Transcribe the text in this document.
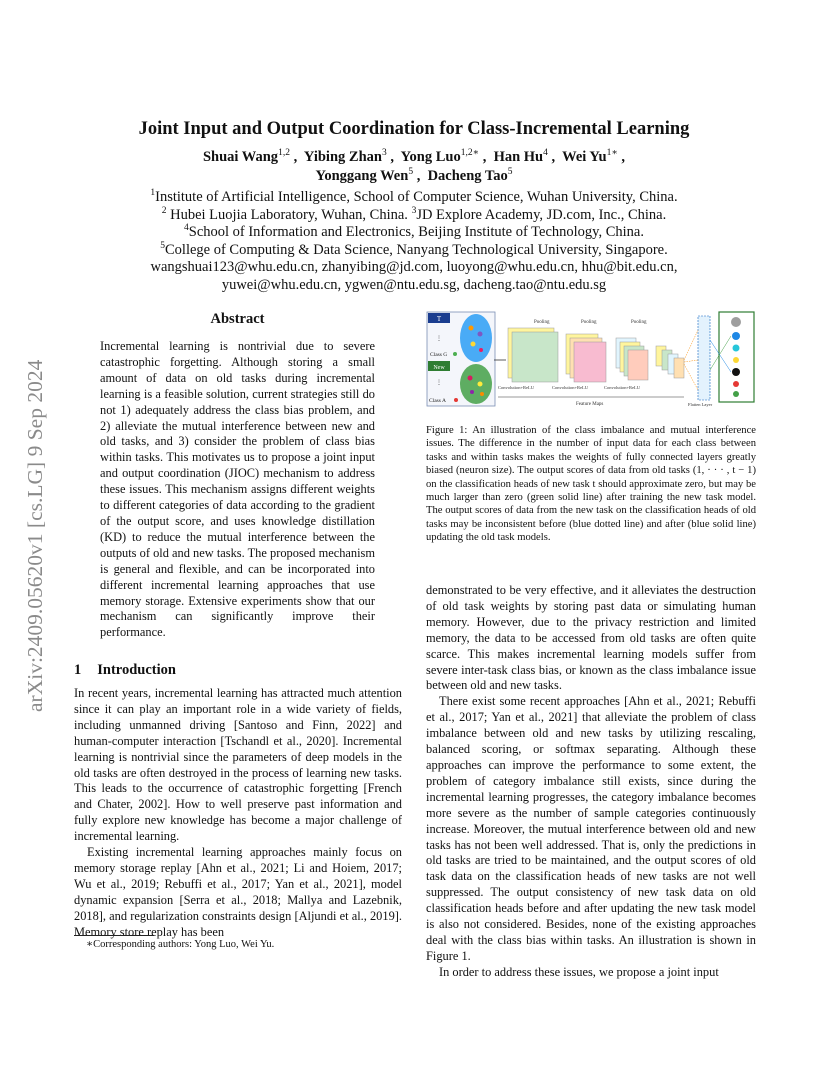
arXiv:2409.05620v1 [cs.LG] 9 Sep 2024
Joint Input and Output Coordination for Class-Incremental Learning
Shuai Wang$^{1,2}$ ,  Yibing Zhan$^3$ ,  Yong Luo$^{1,2∗}$ ,  Han Hu$^4$ ,  Wei $Yu^{1∗}$ ,
Yonggang Wen$^5$ ,  Dacheng Tao$^5$
$^1$Institute of Artificial Intelligence, School of Computer Science, Wuhan University, China.
$^2$ Hubei Luojia Laboratory, Wuhan, China. $^3$JD Explore Academy, JD.com, Inc., China.
$^4$School of Information and Electronics, Beijing Institute of Technology, China.
$^5$College of Computing & Data Science, Nanyang Technological University, Singapore.
wangshuai123@whu.edu.cn, zhanyibing@jd.com, luoyong@whu.edu.cn, hhu@bit.edu.cn,
yuwei@whu.edu.cn, ygwen@ntu.edu.sg, dacheng.tao@ntu.edu.sg
Abstract
Incremental learning is nontrivial due to severe catastrophic forgetting. Although storing a small amount of data on old tasks during incremental learning is a feasible solution, current strategies still do not 1) adequately address the class bias problem, and 2) alleviate the mutual interference between new and old tasks, and 3) consider the problem of class bias within tasks. This motivates us to propose a joint input and output coordination (JIOC) mechanism to address these issues. This mechanism assigns different weights to different categories of data according to the gradient of the output score, and uses knowledge distillation (KD) to reduce the mutual interference between the outputs of old and new tasks. The proposed mechanism is general and flexible, and can be incorporated into different incremental learning approaches that use memory storage. Extensive experiments show that our mechanism can significantly improve their performance.
1 Introduction

In recent years, incremental learning has attracted much attention since it can play an important role in a wide variety of fields, including unmanned driving [Santoso and Finn, 2022] and human-computer interaction [Tschandl et al., 2020]. Incremental learning is nontrivial since the parameters of deep models in the old tasks are often destroyed in the process of learning new tasks. This leads to the occurrence of catastrophic forgetting [French and Chater, 2002]. How to well preserve past information and fully explore new knowledge has become a major challenge of incremental learning.

Existing incremental learning approaches mainly focus on memory storage replay [Ahn et al., 2021; Li and Hoiem, 2017; Wu et al., 2019; Rebuffi et al., 2017; Yan et al., 2021], model dynamic expansion [Serra et al., 2018; Mallya and Lazebnik, 2018], and regularization constraints design [Aljundi et al., 2019]. Memory store replay has been

∗Corresponding authors: Yong Luo, Wei Yu.
T
⋮
Class G
New
⋮
Class A
Pooling	Pooling	Pooling
Convolution+ReLU	Convolution+ReLU	Convolution+ReLU
Feature Maps	Flatten Layer
Figure 1: An illustration of the class imbalance and mutual interference issues. The difference in the number of input data for each class between tasks and within tasks makes the weights of fully connected layers greatly biased (neuron size). The output scores of data from old tasks (1, · · · , t − 1) on the classification heads of new task t should approximate zero, but may be much larger than zero (green solid line) after training the new task model. The output scores of data from the new task on the classification heads of old tasks may be inconsistent before (blue dotted line) and after (blue solid line) updating the old task models.

demonstrated to be very effective, and it alleviates the destruction of old task weights by storing past data or simulating human memory. However, due to the privacy restriction and limited memory, the data to be accessed from old tasks are often quite scarce. This makes incremental learning models suffer from severe inter-task class bias, or known as the class imbalance issue between old and new tasks.

There exist some recent approaches [Ahn et al., 2021; Rebuffi et al., 2017; Yan et al., 2021] that alleviate the problem of class imbalance between old and new tasks by utilizing rescaling, balanced scoring, or softmax separating. Although these approaches can improve the performance to some extent, the problem of category imbalance still exists, since during the incremental learning progresses, the category imbalance becomes more severe as the number of sample categories continuously increase. Moreover, the mutual interference between old and new tasks has not been well addressed. That is, only the predictions in old tasks are tried to be maintained, and the output scores of old task data on the classification heads of new tasks are not well suppressed. The output consistency of new task data on old classification heads before and after updating the new task model is also not considered. Besides, none of the existing approaches deal with the class bias within tasks. An illustration is shown in Figure 1.

In order to address these issues, we propose a joint input
